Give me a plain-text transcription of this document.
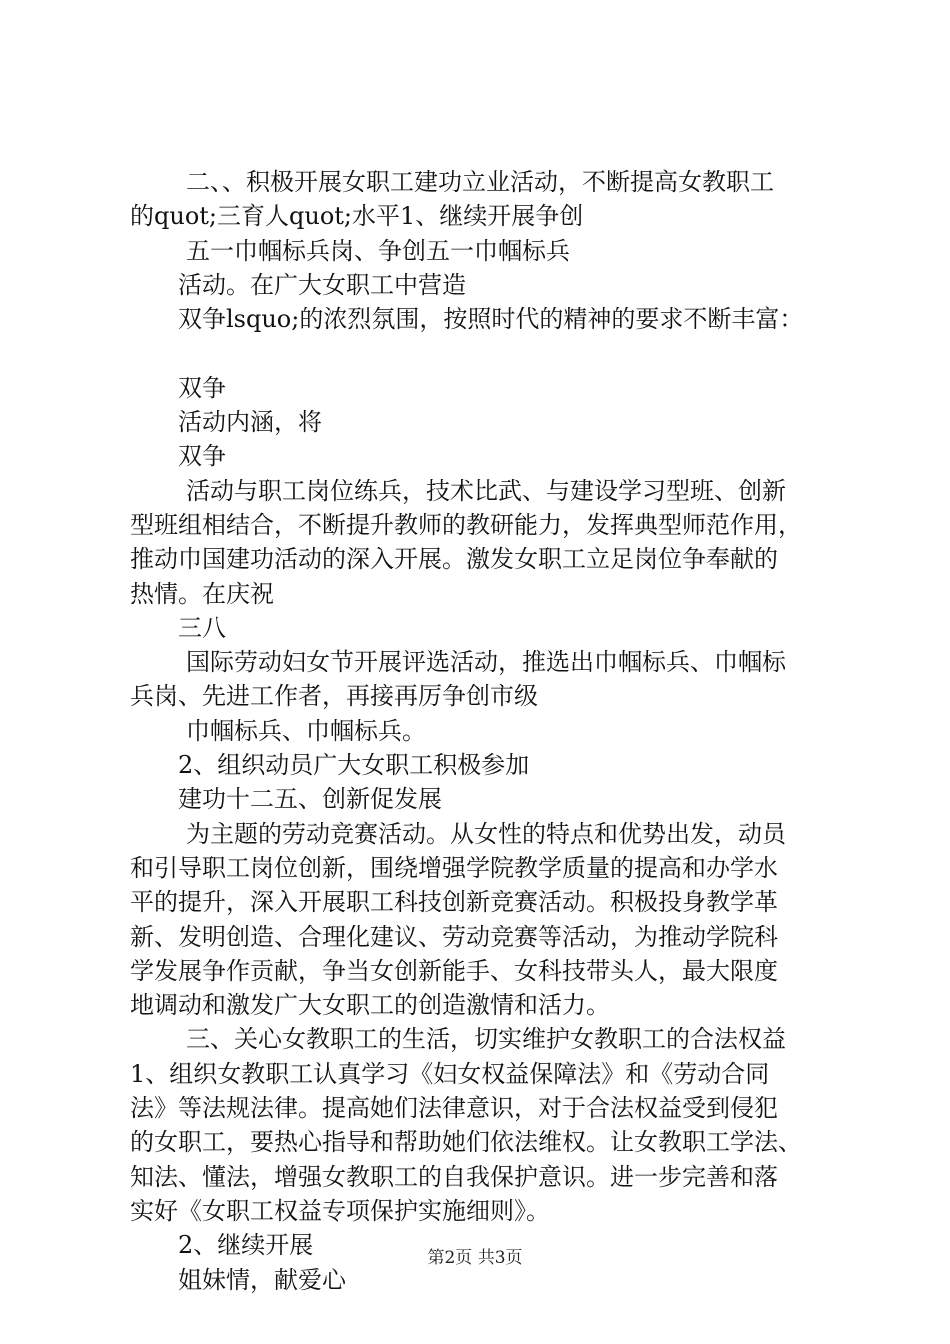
二、、积极开展女职工建功立业活动，不断提高女教职工
的quot;三育人quot;水平1、继续开展争创
五一巾帼标兵岗、争创五一巾帼标兵
活动。在广大女职工中营造
双争lsquo;的浓烈氛围，按照时代的精神的要求不断丰富：
双争
活动内涵，将
双争
活动与职工岗位练兵，技术比武、与建设学习型班、创新
型班组相结合，不断提升教师的教研能力，发挥典型师范作用，
推动巾国建功活动的深入开展。激发女职工立足岗位争奉献的
热情。在庆祝
三八
国际劳动妇女节开展评选活动，推选出巾帼标兵、巾帼标
兵岗、先进工作者，再接再厉争创市级
巾帼标兵、巾帼标兵。
2、组织动员广大女职工积极参加
建功十二五、创新促发展
为主题的劳动竞赛活动。从女性的特点和优势出发，动员
和引导职工岗位创新，围绕增强学院教学质量的提高和办学水
平的提升，深入开展职工科技创新竞赛活动。积极投身教学革
新、发明创造、合理化建议、劳动竞赛等活动，为推动学院科
学发展争作贡献，争当女创新能手、女科技带头人，最大限度
地调动和激发广大女职工的创造激情和活力。
三、关心女教职工的生活，切实维护女教职工的合法权益
1、组织女教职工认真学习《妇女权益保障法》和《劳动合同
法》等法规法律。提高她们法律意识，对于合法权益受到侵犯
的女职工，要热心指导和帮助她们依法维权。让女教职工学法、
知法、懂法，增强女教职工的自我保护意识。进一步完善和落
实好《女职工权益专项保护实施细则》。
2、继续开展
姐妹情，献爱心
第2页 共3页
